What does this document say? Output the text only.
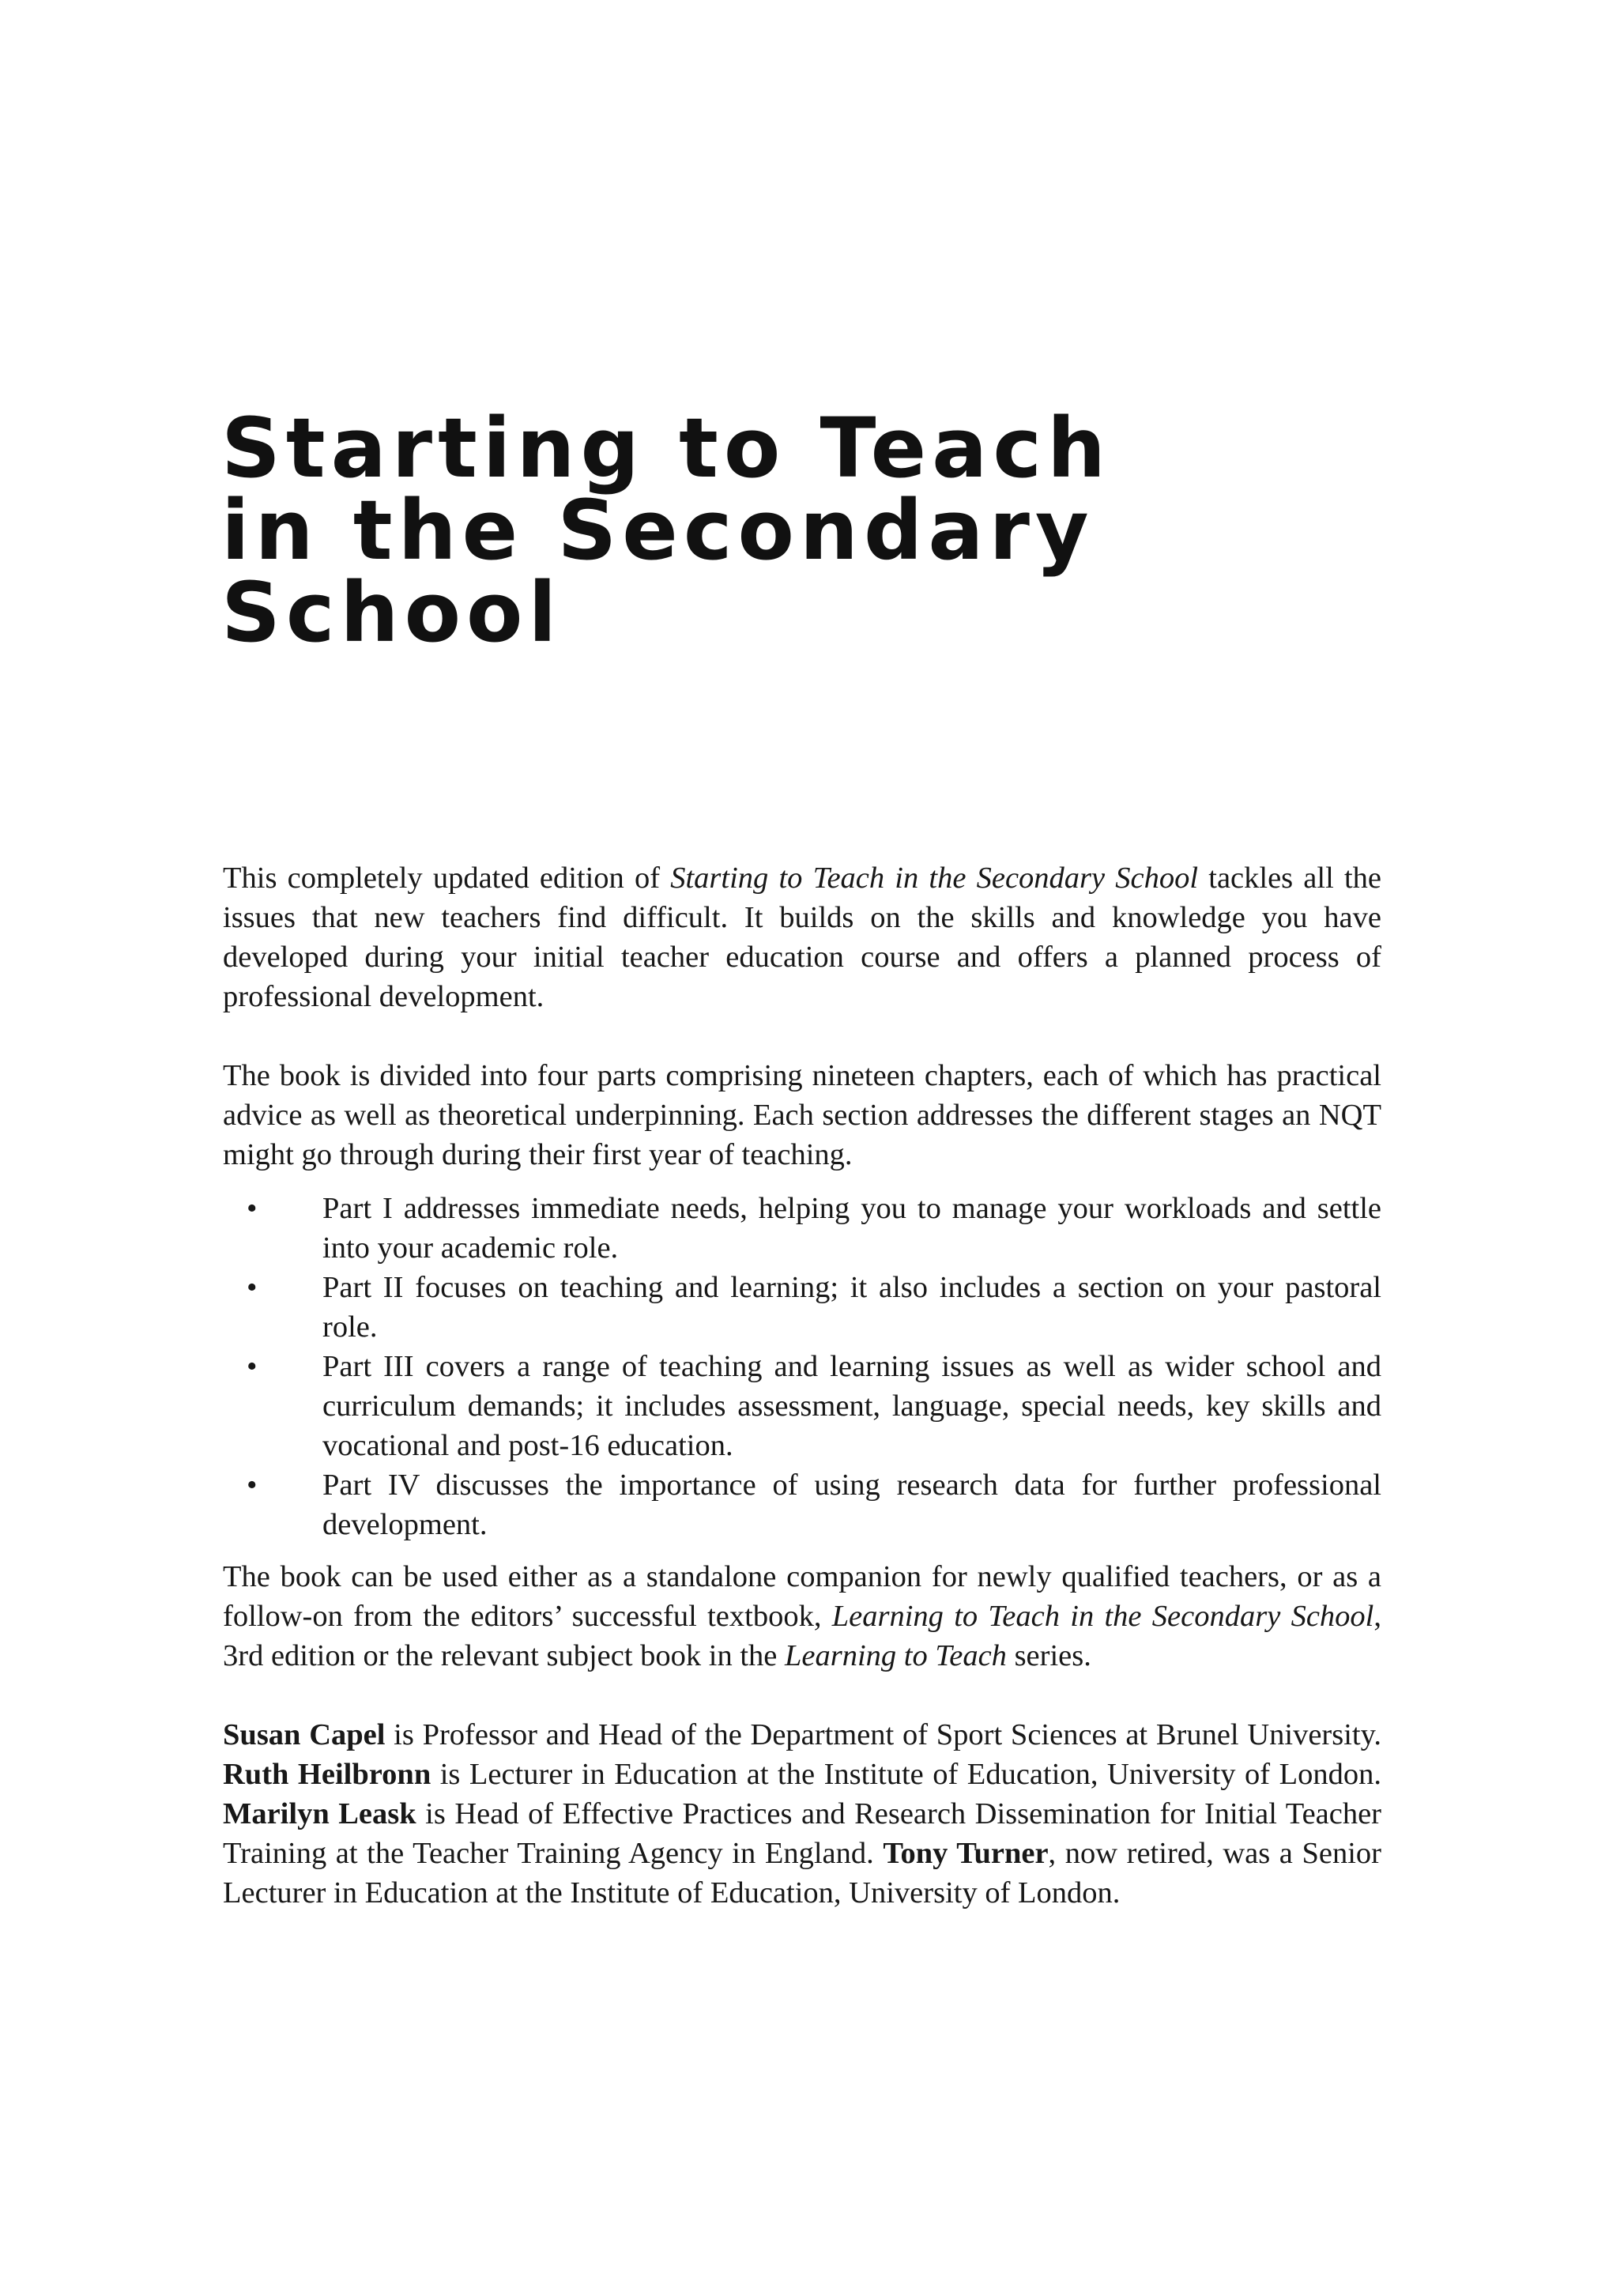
Starting to Teach
in the Secondary
School

This completely updated edition of Starting to Teach in the Secondary School tackles all the issues that new teachers find difficult. It builds on the skills and knowledge you have developed during your initial teacher education course and offers a planned process of professional development.

The book is divided into four parts comprising nineteen chapters, each of which has practical advice as well as theoretical underpinning. Each section addresses the different stages an NQT might go through during their first year of teaching.

• Part I addresses immediate needs, helping you to manage your workloads and settle into your academic role.
• Part II focuses on teaching and learning; it also includes a section on your pastoral role.
• Part III covers a range of teaching and learning issues as well as wider school and curriculum demands; it includes assessment, language, special needs, key skills and vocational and post-16 education.
• Part IV discusses the importance of using research data for further professional development.

The book can be used either as a standalone companion for newly qualified teachers, or as a follow-on from the editors’ successful textbook, Learning to Teach in the Secondary School, 3rd edition or the relevant subject book in the Learning to Teach series.

Susan Capel is Professor and Head of the Department of Sport Sciences at Brunel University. Ruth Heilbronn is Lecturer in Education at the Institute of Education, University of London. Marilyn Leask is Head of Effective Practices and Research Dissemination for Initial Teacher Training at the Teacher Training Agency in England. Tony Turner, now retired, was a Senior Lecturer in Education at the Institute of Education, University of London.
